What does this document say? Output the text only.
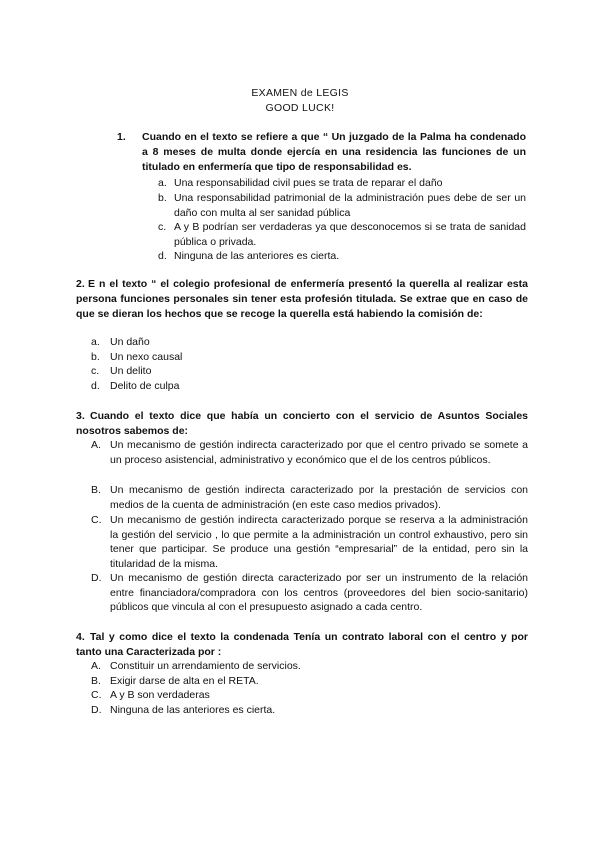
EXAMEN de LEGIS
GOOD LUCK!
1. Cuando en el texto se refiere a que “ Un juzgado de la Palma ha condenado a 8 meses de multa donde ejercía en una residencia las funciones de un titulado en enfermería que tipo de responsabilidad es.
a. Una responsabilidad civil pues se trata de reparar el daño
b. Una responsabilidad patrimonial de la administración pues debe de ser un daño con multa al ser sanidad pública
c. A y B podrían ser verdaderas ya que desconocemos si se trata de sanidad pública o privada.
d. Ninguna de las anteriores es cierta.
2. E n el texto “ el colegio profesional de enfermería presentó la querella al realizar esta persona funciones personales sin tener esta profesión titulada. Se extrae que en caso de que se dieran los hechos que se recoge la querella está habiendo la comisión de:
a. Un daño
b. Un nexo causal
c. Un delito
d. Delito de culpa
3. Cuando el texto dice que había un concierto con el servicio de Asuntos Sociales nosotros sabemos de:
A. Un mecanismo de gestión indirecta caracterizado por que el centro privado se somete a un proceso asistencial, administrativo y económico que el de los centros públicos.
B. Un mecanismo de gestión indirecta caracterizado por la prestación de servicios con medios de la cuenta de administración (en este caso medios privados).
C. Un mecanismo de gestión indirecta caracterizado porque se reserva a la administración la gestión del servicio , lo que permite a la administración un control exhaustivo, pero sin tener que participar. Se produce una gestión “empresarial” de la entidad, pero sin la titularidad de la misma.
D. Un mecanismo de gestión directa caracterizado por ser un instrumento de la relación entre financiadora/compradora con los centros (proveedores del bien socio-sanitario) públicos que vincula al con el presupuesto asignado a cada centro.
4. Tal y como dice el texto la condenada Tenía un contrato laboral con el centro y por tanto una Caracterizada por :
A. Constituir un arrendamiento de servicios.
B. Exigir darse de alta en el RETA.
C. A y B son verdaderas
D. Ninguna de las anteriores es cierta.
